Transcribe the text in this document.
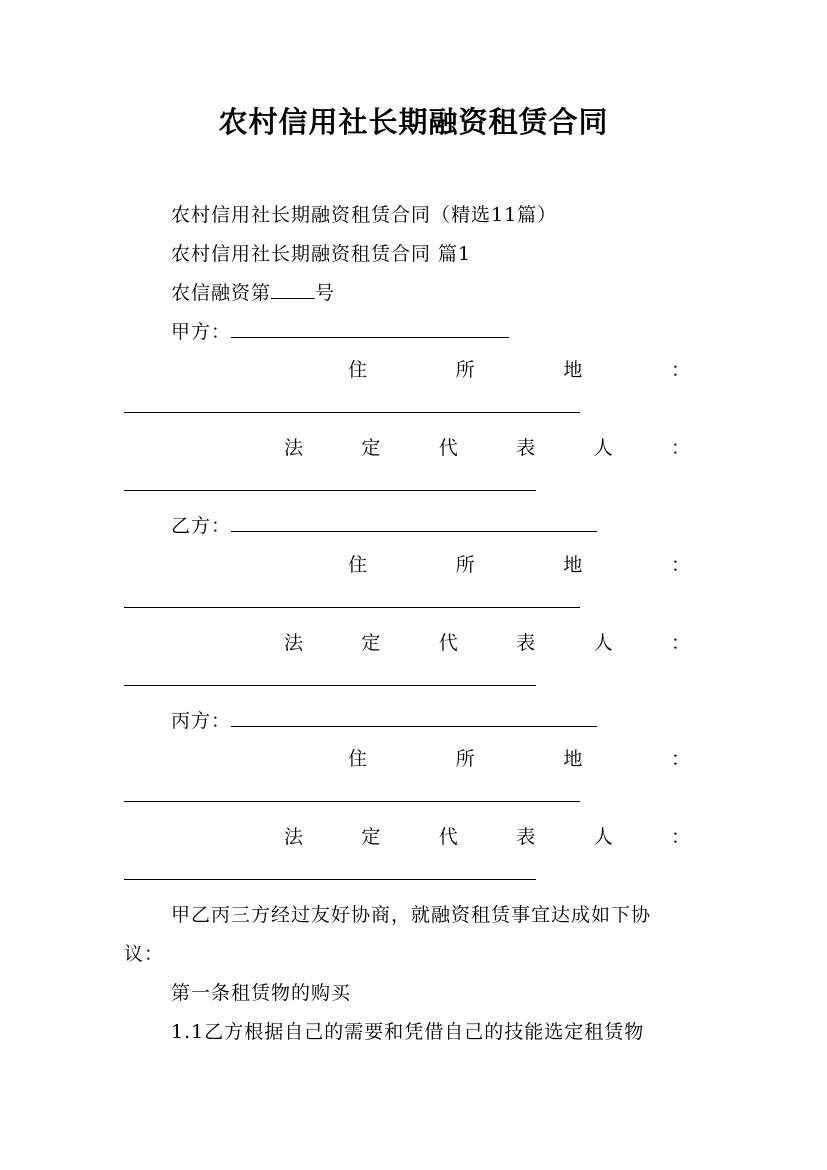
农村信用社长期融资租赁合同
农村信用社长期融资租赁合同（精选11篇）
农村信用社长期融资租赁合同 篇1
农信融资第 号
甲方：
住	所	地	：
法	定	代	表	人	：
乙方：
住	所	地	：
法	定	代	表	人	：
丙方：
住	所	地	：
法	定	代	表	人	：
甲乙丙三方经过友好协商，就融资租赁事宜达成如下协
议：
第一条租赁物的购买
1.1乙方根据自己的需要和凭借自己的技能选定租赁物
